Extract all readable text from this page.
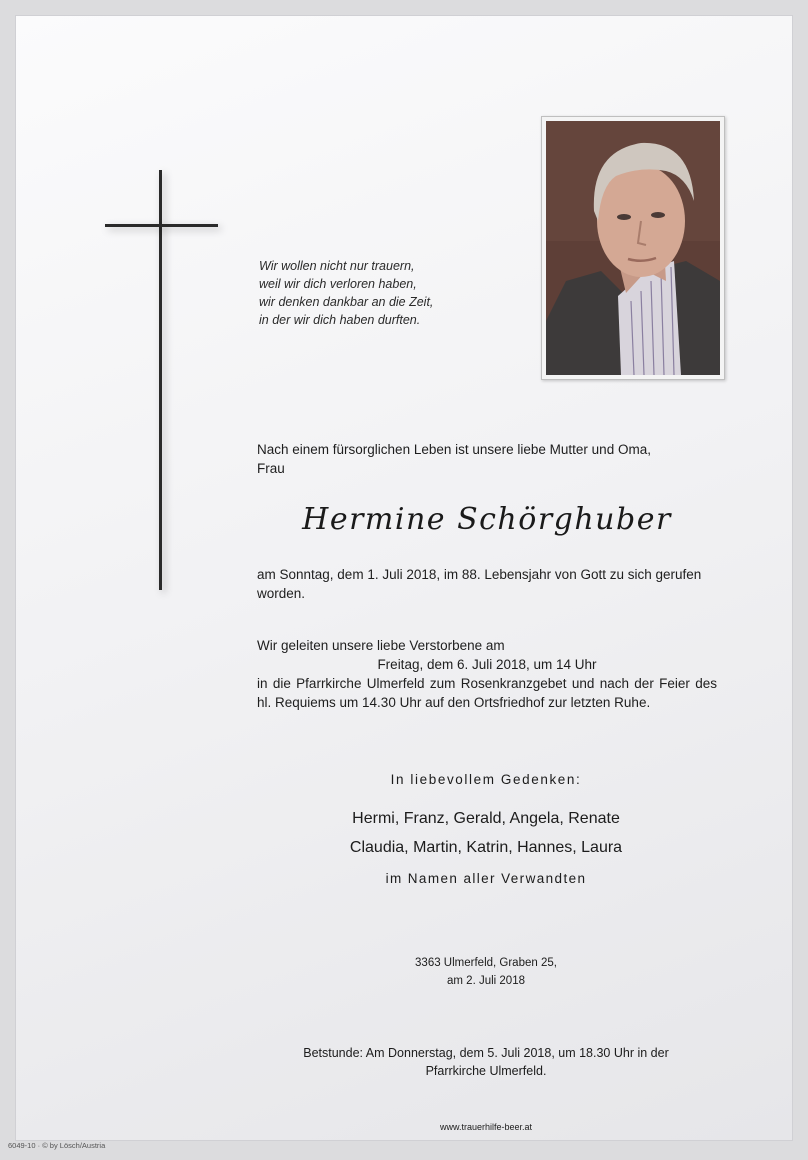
Wir wollen nicht nur trauern,
weil wir dich verloren haben,
wir denken dankbar an die Zeit,
in der wir dich haben durften.
Nach einem fürsorglichen Leben ist unsere liebe Mutter und Oma,
Frau
Hermine Schörghuber
am Sonntag, dem 1. Juli 2018, im 88. Lebensjahr von Gott zu sich gerufen worden.
Wir geleiten unsere liebe Verstorbene am
Freitag, dem 6. Juli 2018, um 14 Uhr
in die Pfarrkirche Ulmerfeld zum Rosenkranzgebet und nach der Feier des hl. Requiems um 14.30 Uhr auf den Ortsfriedhof zur letzten Ruhe.
In liebevollem Gedenken:
Hermi, Franz, Gerald, Angela, Renate
Claudia, Martin, Katrin, Hannes, Laura
im Namen aller Verwandten
3363 Ulmerfeld, Graben 25,
am 2. Juli 2018
Betstunde: Am Donnerstag, dem 5. Juli 2018, um 18.30 Uhr in der
Pfarrkirche Ulmerfeld.
www.trauerhilfe-beer.at
6049-10 · © by Lösch/Austria
